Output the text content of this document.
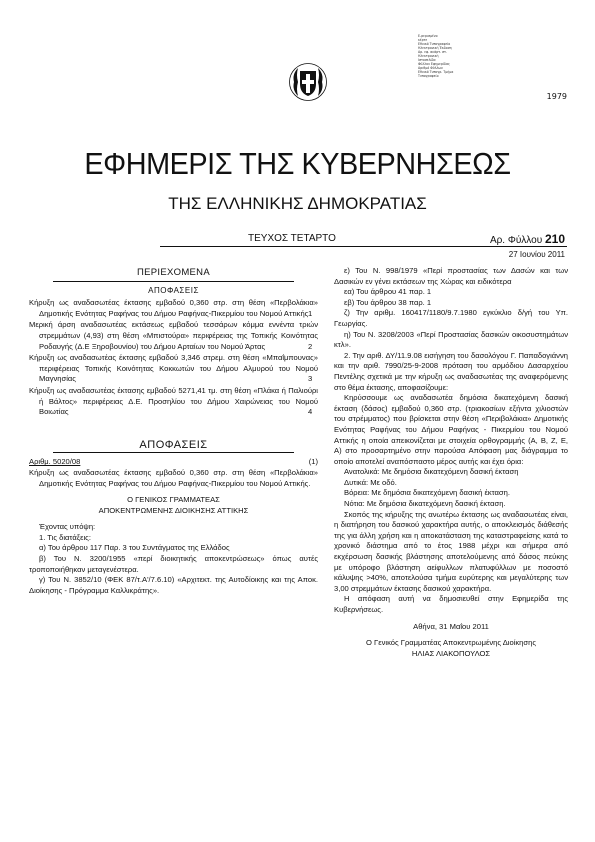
Ε-ρερισμένο
κέρτε
Εθνικό Τυπογραφείο
Ηλεκτρονική Έκδοση
Αρ. εφ. ανάρτ. στ.
Ηλεκτρονική
Ιστοσελίδα
Φύλλου Εφημερίδας
Αριθμό Φύλλων
Εθνικό Τυπογρ. Τμήμα
Τυπογραφείο
1979
ΕΦΗΜΕΡΙΣ ΤΗΣ ΚΥΒΕΡΝΗΣΕΩΣ
ΤΗΣ ΕΛΛΗΝΙΚΗΣ ΔΗΜΟΚΡΑΤΙΑΣ
ΤΕΥΧΟΣ ΤΕΤΑΡΤΟ	Αρ. Φύλλου 210
27 Ιουνίου 2011
ΠΕΡΙΕΧΟΜΕΝΑ
ΑΠΟΦΑΣΕΙΣ

Κήρυξη ως αναδασωτέας έκτασης εμβαδού 0,360 στρ. στη θέση «Περβολάκια» Δημοτικής Ενότητας Ραφήνας του Δήμου Ραφήνας-Πικερμίου του Νομού Αττικής 1

Μερική άρση αναδασωτέας εκτάσεως εμβαδού τεσσάρων κόμμα εννέντα τριών στρεμμάτων (4,93) στη θέση «Μπιστούρα» περιφέρειας της Τοπικής Κοινότητας Ροδαυγής (Δ.Ε Ξηροβουνίου) του Δήμου Αρταίων του Νομού Άρτας	2

Κήρυξη ως αναδασωτέας έκτασης εμβαδού 3,346 στρεμ. στη θέση «Μπαΐμπουνας» περιφέρειας Τοπικής Κοινότητας Κοκκωτών του Δήμου Αλμυρού του Νομού Μαγνησίας	3

Κήρυξη ως αναδασωτέας έκτασης εμβαδού 5271,41 τμ. στη θέση «Πλάκα ή Παλιούρι ή Βάλτος» περιφέρειας Δ.Ε. Προσηλίου του Δήμου Χαιρώνειας του Νομού Βοιωτίας	4

ΑΠΟΦΑΣΕΙΣ
Αριθμ. 5020/08	(1)

Κήρυξη ως αναδασωτέας έκτασης εμβαδού 0,360 στρ. στη θέση «Περβολάκια» Δημοτικής Ενότητας Ραφήνας του Δήμου Ραφήνας-Πικερμίου του Νομού Αττικής.

Ο ΓΕΝΙΚΟΣ ΓΡΑΜΜΑΤΕΑΣ

ΑΠΟΚΕΝΤΡΩΜΕΝΗΣ ΔΙΟΙΚΗΣΗΣ ΑΤΤΙΚΗΣ

Έχοντας υπόψη:

1. Τις διατάξεις:

α) Του άρθρου 117 Παρ. 3 του Συντάγματος της Ελλάδος

β) Του Ν. 3200/1955 «περί διοικητικής αποκεντρώσεως» όπως αυτές τροποποιήθηκαν μεταγενέστερα.

γ) Του Ν. 3852/10 (ΦΕΚ 87/τ.Α'/7.6.10) «Αρχιτεκτ. της Αυτοδίοικης και της Αποκ. Διοίκησης - Πρόγραμμα Καλλικράτης».

ε) Του Ν. 998/1979 «Περί προστασίας των Δασών και των Δασικών εν γένει εκτάσεων της Χώρας και ειδικότερα

εα) Του άρθρου 41 παρ. 1

εβ) Του άρθρου 38 παρ. 1

ζ) Την αριθμ. 160417/1180/9.7.1980 εγκύκλιο δ/γή του Υπ. Γεωργίας.

η) Του Ν. 3208/2003 «Περί Προστασίας δασικών οικοσυστημάτων κτλ».

2. Την αριθ. ΔΥ/11.9.08 εισήγηση του δασολόγου Γ. Παπαδογιάννη και την αριθ. 7990/25-9-2008 πρόταση του αρμόδιου Δασαρχείου Πεντέλης σχετικά με την κήρυξη ως αναδασωτέας της αναφερόμενης στο θέμα έκτασης, αποφασίζουμε:

Κηρύσσουμε ως αναδασωτέα δημόσια δικατεχόμενη δασική έκταση (δάσος) εμβαδού 0,360 στρ. (τριακοσίων εξήντα χιλιοστών του στρέμματος) που βρίσκεται στην θέση «Περιβολάκια» Δημοτικής Ενότητας Ραφήνας του Δήμου Ραφήνας - Πικερμίου του Νομού Αττικής η οποία απεικονίζεται με στοιχεία ορθογραμμής (Α, Β, Ζ, Ε, Α) στο προσαρτημένο στην παρούσα Απόφαση μας διάγραμμα το οποίο αποτελεί αναπόσπαστο μέρος αυτής και έχει όρια:

Ανατολικά: Με δημόσια δικατεχόμενη δασική έκταση

Δυτικά: Με οδό.

Βόρεια: Με δημόσια δικατεχόμενη δασική έκταση.

Νότια: Με δημόσια δικατεχόμενη δασική έκταση.

Σκοπός της κήρυξης της ανωτέρω έκτασης ως αναδασωτέας είναι, η διατήρηση του δασικού χαρακτήρα αυτής, ο αποκλεισμός διάθεσής της για άλλη χρήση και η αποκατάσταση της καταστραφείσης κατά το χρονικό διάστημα από το έτος 1988 μέχρι και σήμερα από εκχέρσωση δασικής βλάστησης αποτελούμενης από δάσος πεύκης με υπόροφο βλάστηση αείφυλλων πλατυφύλλων με ποσοστό κάλυψης >40%, αποτελούσα τμήμα ευρύτερης και μεγαλύτερης των 3,00 στρεμμάτων έκτασης δασικού χαρακτήρα.

Η απόφαση αυτή να δημοσιευθεί στην Εφημερίδα της Κυβερνήσεως.

Αθήνα, 31 Μαΐου 2011

Ο Γενικός Γραμματέας Αποκεντρωμένης Διοίκησης

ΗΛΙΑΣ ΛΙΑΚΟΠΟΥΛΟΣ
